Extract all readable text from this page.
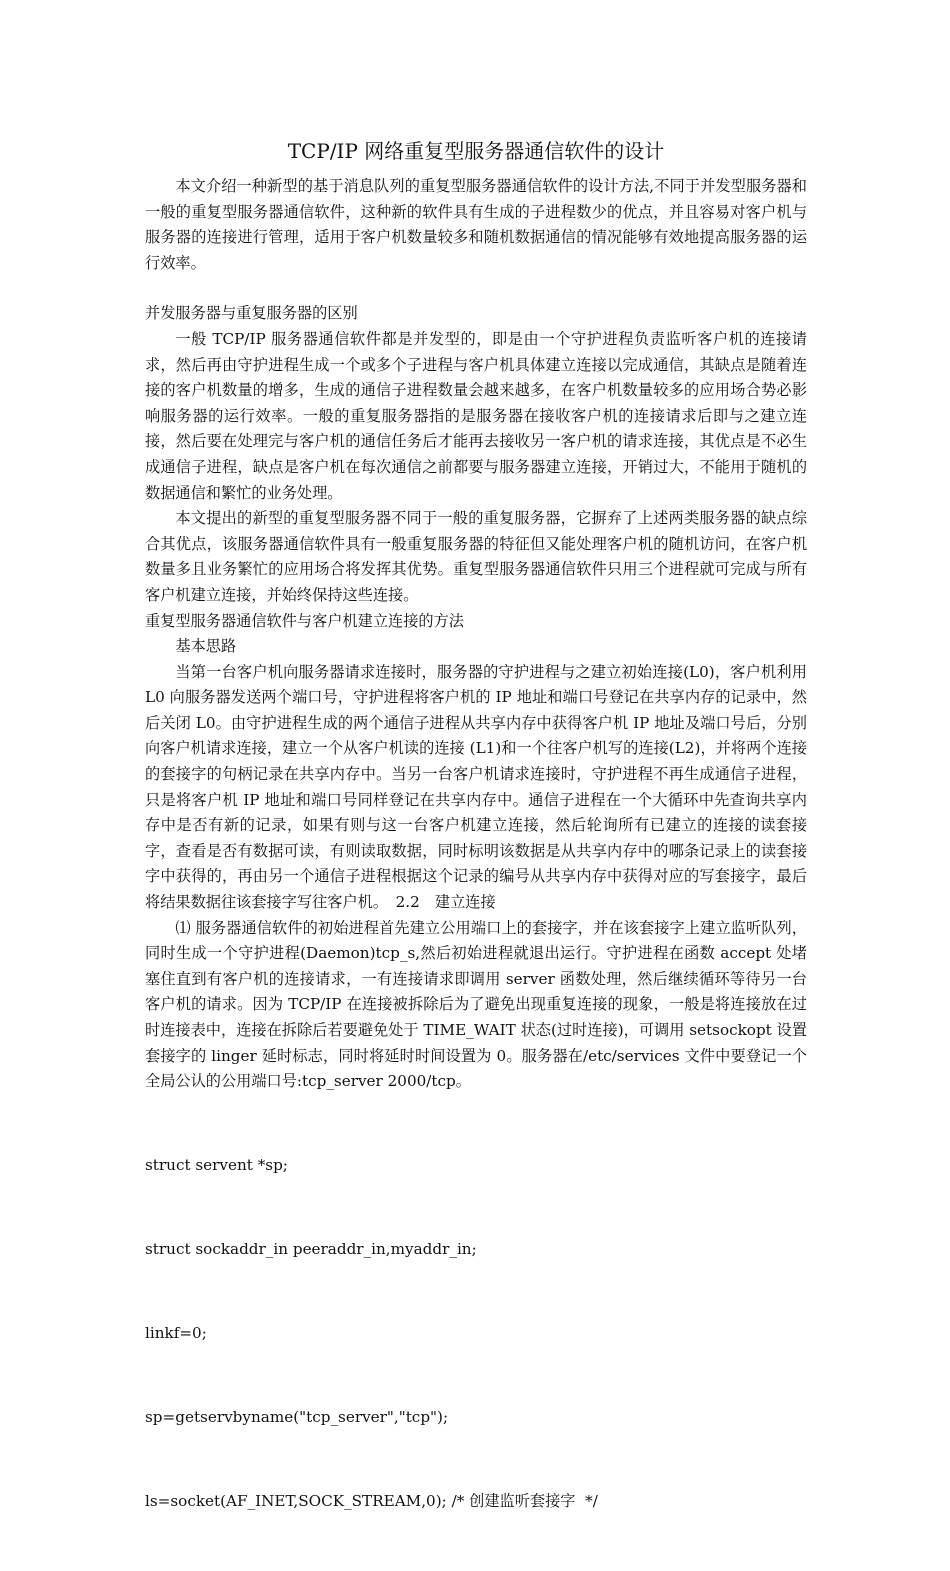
TCP/IP 网络重复型服务器通信软件的设计

本文介绍一种新型的基于消息队列的重复型服务器通信软件的设计方法,不同于并发型服务器和一般的重复型服务器通信软件，这种新的软件具有生成的子进程数少的优点，并且容易对客户机与服务器的连接进行管理，适用于客户机数量较多和随机数据通信的情况能够有效地提高服务器的运行效率。

并发服务器与重复服务器的区别

一般 TCP/IP 服务器通信软件都是并发型的，即是由一个守护进程负责监听客户机的连接请求，然后再由守护进程生成一个或多个子进程与客户机具体建立连接以完成通信，其缺点是随着连接的客户机数量的增多，生成的通信子进程数量会越来越多，在客户机数量较多的应用场合势必影响服务器的运行效率。一般的重复服务器指的是服务器在接收客户机的连接请求后即与之建立连接，然后要在处理完与客户机的通信任务后才能再去接收另一客户机的请求连接，其优点是不必生成通信子进程，缺点是客户机在每次通信之前都要与服务器建立连接，开销过大，不能用于随机的数据通信和繁忙的业务处理。

本文提出的新型的重复型服务器不同于一般的重复服务器，它摒弃了上述两类服务器的缺点综合其优点，该服务器通信软件具有一般重复服务器的特征但又能处理客户机的随机访问，在客户机数量多且业务繁忙的应用场合将发挥其优势。重复型服务器通信软件只用三个进程就可完成与所有客户机建立连接，并始终保持这些连接。

重复型服务器通信软件与客户机建立连接的方法

基本思路

当第一台客户机向服务器请求连接时，服务器的守护进程与之建立初始连接(L0)，客户机利用 L0 向服务器发送两个端口号，守护进程将客户机的 IP 地址和端口号登记在共享内存的记录中，然后关闭 L0。由守护进程生成的两个通信子进程从共享内存中获得客户机 IP 地址及端口号后，分别向客户机请求连接，建立一个从客户机读的连接 (L1)和一个往客户机写的连接(L2)，并将两个连接的套接字的句柄记录在共享内存中。当另一台客户机请求连接时，守护进程不再生成通信子进程，只是将客户机 IP 地址和端口号同样登记在共享内存中。通信子进程在一个大循环中先查询共享内存中是否有新的记录，如果有则与这一台客户机建立连接，然后轮询所有已建立的连接的读套接字，查看是否有数据可读，有则读取数据，同时标明该数据是从共享内存中的哪条记录上的读套接字中获得的，再由另一个通信子进程根据这个记录的编号从共享内存中获得对应的写套接字，最后将结果数据往该套接字写往客户机。　2.2　建立连接

⑴ 服务器通信软件的初始进程首先建立公用端口上的套接字，并在该套接字上建立监听队列，同时生成一个守护进程(Daemon)tcp_s,然后初始进程就退出运行。守护进程在函数 accept 处堵塞住直到有客户机的连接请求，一有连接请求即调用 server 函数处理，然后继续循环等待另一台客户机的请求。因为 TCP/IP 在连接被拆除后为了避免出现重复连接的现象，一般是将连接放在过时连接表中，连接在拆除后若要避免处于 TIME_WAIT 状态(过时连接)，可调用 setsockopt 设置套接字的 linger 延时标志，同时将延时时间设置为 0。服务器在/etc/services 文件中要登记一个全局公认的公用端口号:tcp_server 2000/tcp。

struct servent *sp;

struct sockaddr_in peeraddr_in,myaddr_in;

linkf=0;

sp=getservbyname("tcp_server","tcp");

ls=socket(AF_INET,SOCK_STREAM,0); /* 创建监听套接字  */
